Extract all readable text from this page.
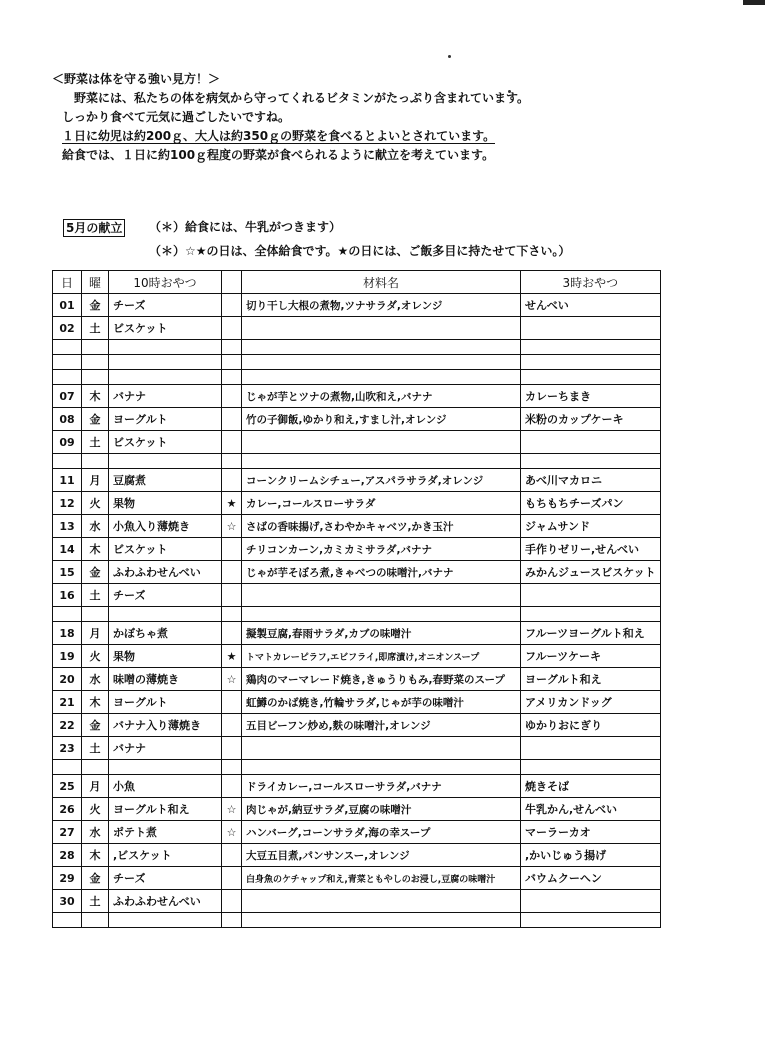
＜野菜は体を守る強い見方！＞
野菜には、私たちの体を病気から守ってくれるビタミンがたっぷり含まれています。
しっかり食べて元気に過ごしたいですね。
１日に幼児は約200ｇ、大人は約350ｇの野菜を食べるとよいとされています。
給食では、１日に約100ｇ程度の野菜が食べられるように献立を考えています。
5月の献立 （＊）給食には、牛乳がつきます）
（＊）☆★の日は、全体給食です。★の日には、ご飯多目に持たせて下さい。）
日	曜	10時おやつ		材料名	3時おやつ
01	金	チーズ		切り干し大根の煮物,ツナサラダ,オレンジ	せんべい
02	土	ビスケット			

07	木	バナナ		じゃが芋とツナの煮物,山吹和え,バナナ	カレーちまき
08	金	ヨーグルト		竹の子御飯,ゆかり和え,すまし汁,オレンジ	米粉のカップケーキ
09	土	ビスケット			

11	月	豆腐煮		コーンクリームシチュー,アスパラサラダ,オレンジ	あべ川マカロニ
12	火	果物	★	カレー,コールスローサラダ	もちもちチーズパン
13	水	小魚入り薄焼き	☆	さばの香味揚げ,さわやかキャベツ,かき玉汁	ジャムサンド
14	木	ビスケット		チリコンカーン,カミカミサラダ,バナナ	手作りゼリー,せんべい
15	金	ふわふわせんべい		じゃが芋そぼろ煮,きゃべつの味噌汁,バナナ	みかんジュースビスケット
16	土	チーズ			

18	月	かぼちゃ煮		擬製豆腐,春雨サラダ,カブの味噌汁	フルーツヨーグルト和え
19	火	果物	★	トマトカレーピラフ,エビフライ,即席漬け,オニオンスープ	フルーツケーキ
20	水	味噌の薄焼き	☆	鶏肉のマーマレード焼き,きゅうりもみ,春野菜のスープ	ヨーグルト和え
21	木	ヨーグルト		虹鱒のかば焼き,竹輪サラダ,じゃが芋の味噌汁	アメリカンドッグ
22	金	バナナ入り薄焼き		五目ビーフン炒め,麩の味噌汁,オレンジ	ゆかりおにぎり
23	土	バナナ			

25	月	小魚		ドライカレー,コールスローサラダ,バナナ	焼きそば
26	火	ヨーグルト和え	☆	肉じゃが,納豆サラダ,豆腐の味噌汁	牛乳かん,せんべい
27	水	ポテト煮	☆	ハンバーグ,コーンサラダ,海の幸スープ	マーラーカオ
28	木	,ビスケット		大豆五目煮,パンサンスー,オレンジ	,かいじゅう揚げ
29	金	チーズ		白身魚のケチャップ和え,青菜ともやしのお浸し,豆腐の味噌汁	バウムクーヘン
30	土	ふわふわせんべい			
